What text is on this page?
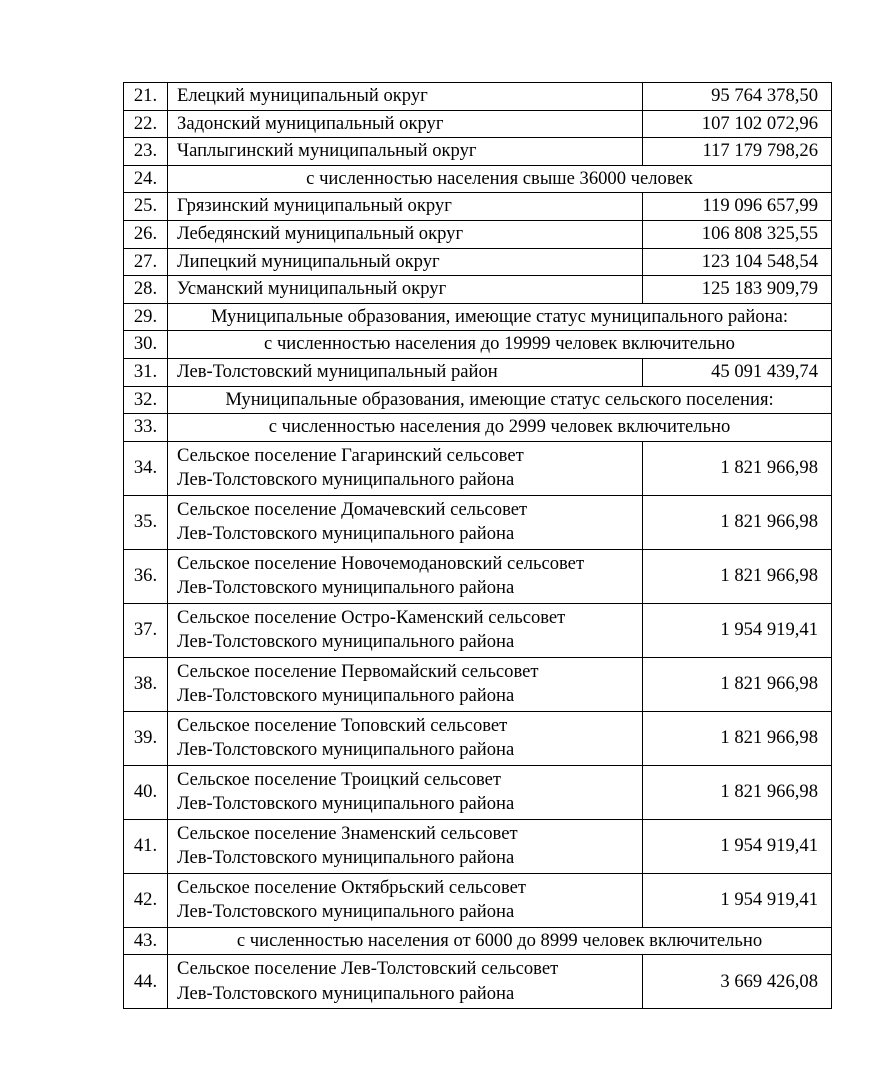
21.	Елецкий муниципальный округ	95 764 378,50
22.	Задонский муниципальный округ	107 102 072,96
23.	Чаплыгинский муниципальный округ	117 179 798,26
24.	с численностью населения свыше 36000 человек	
25.	Грязинский муниципальный округ	119 096 657,99
26.	Лебедянский муниципальный округ	106 808 325,55
27.	Липецкий муниципальный округ	123 104 548,54
28.	Усманский муниципальный округ	125 183 909,79
29.	Муниципальные образования, имеющие статус муниципального района:	
30.	с численностью населения до 19999 человек включительно	
31.	Лев-Толстовский муниципальный район	45 091 439,74
32.	Муниципальные образования, имеющие статус сельского поселения:	
33.	с численностью населения до 2999 человек включительно	
34.	Сельское поселение Гагаринский сельсовет
Лев-Толстовского муниципального района	1 821 966,98
35.	Сельское поселение Домачевский сельсовет
Лев-Толстовского муниципального района	1 821 966,98
36.	Сельское поселение Новочемодановский сельсовет
Лев-Толстовского муниципального района	1 821 966,98
37.	Сельское поселение Остро-Каменский сельсовет
Лев-Толстовского муниципального района	1 954 919,41
38.	Сельское поселение Первомайский сельсовет
Лев-Толстовского муниципального района	1 821 966,98
39.	Сельское поселение Топовский сельсовет
Лев-Толстовского муниципального района	1 821 966,98
40.	Сельское поселение Троицкий сельсовет
Лев-Толстовского муниципального района	1 821 966,98
41.	Сельское поселение Знаменский сельсовет
Лев-Толстовского муниципального района	1 954 919,41
42.	Сельское поселение Октябрьский сельсовет
Лев-Толстовского муниципального района	1 954 919,41
43.	с численностью населения от 6000 до 8999 человек включительно	
44.	Сельское поселение Лев-Толстовский сельсовет
Лев-Толстовского муниципального района	3 669 426,08
